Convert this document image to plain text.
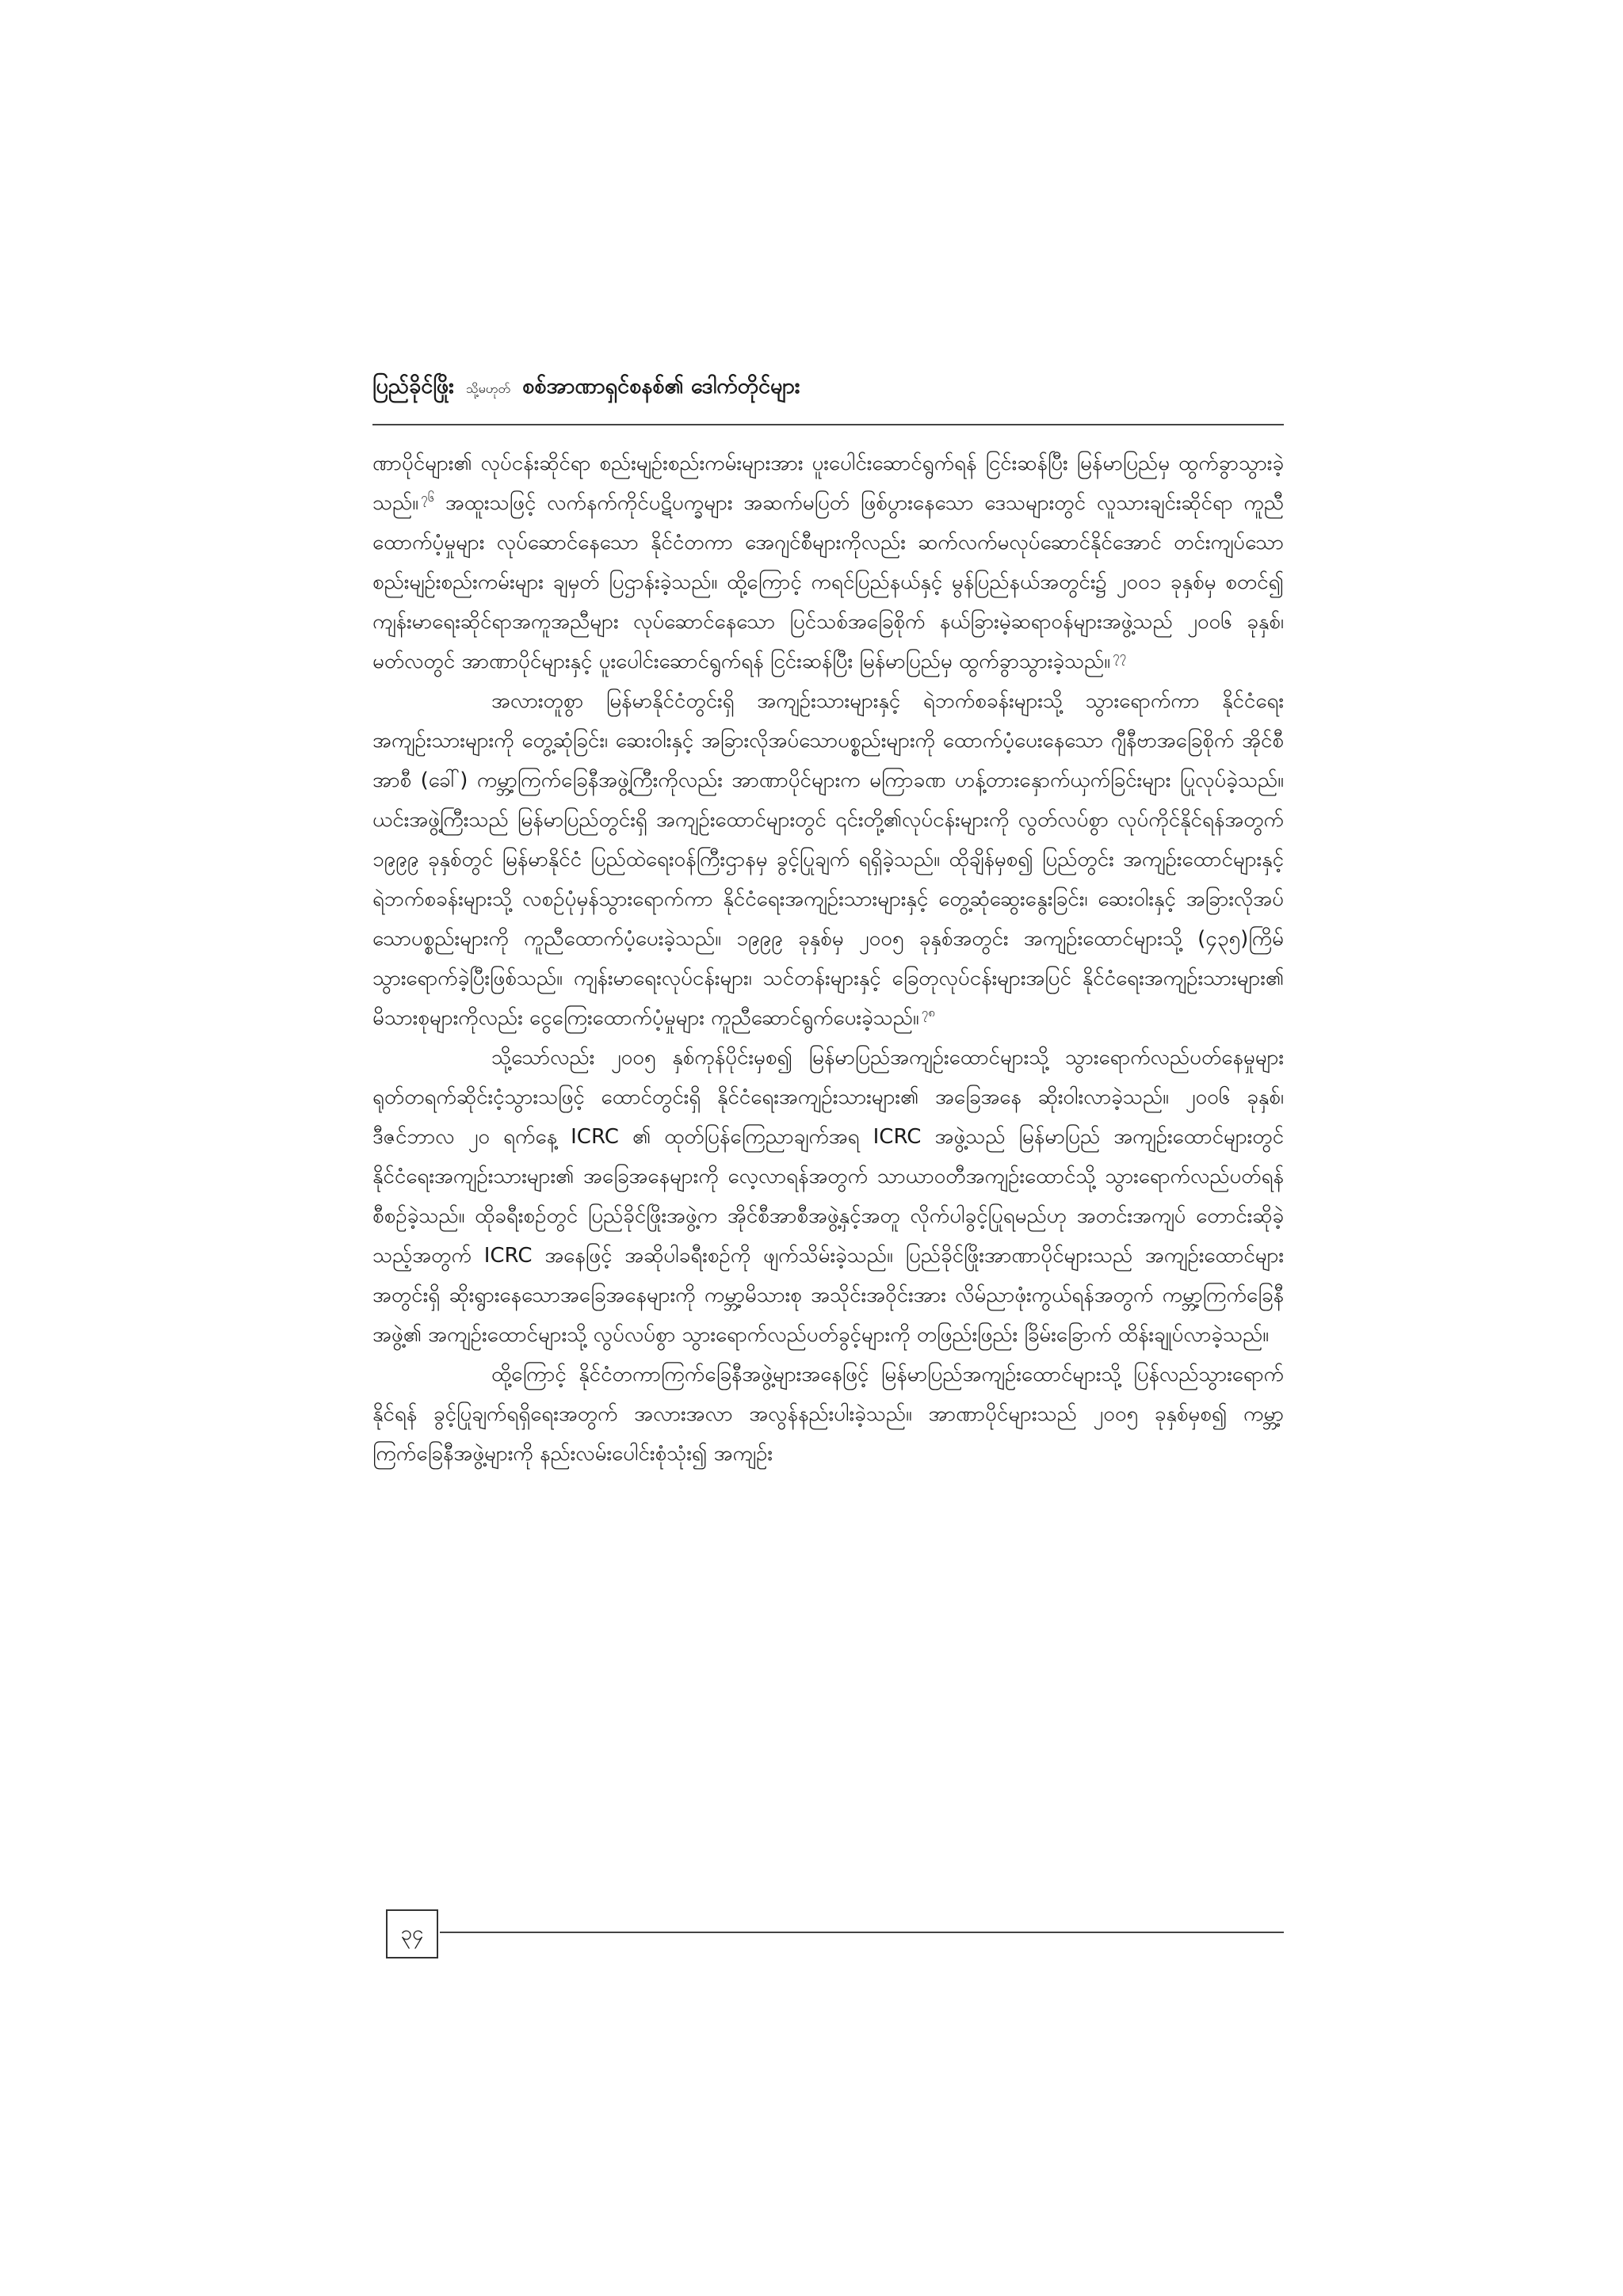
ပြည်ခိုင်ဖြိုး သို့မဟုတ် စစ်အာဏာရှင်စနစ်၏ ဒေါက်တိုင်များ

ဏာပိုင်များ၏ လုပ်ငန်းဆိုင်ရာ စည်းမျဉ်းစည်းကမ်းများအား ပူးပေါင်းဆောင်ရွက်ရန် ငြင်းဆန်ပြီး မြန်မာပြည်မှ ထွက်ခွာသွားခဲ့သည်။ $^{၇၆}$ အထူးသဖြင့် လက်နက်ကိုင်ပဋိပက္ခများ အဆက်မပြတ် ဖြစ်ပွားနေသော ဒေသများတွင် လူသားချင်းဆိုင်ရာ ကူညီထောက်ပံ့မှုများ လုပ်ဆောင်နေသော နိုင်ငံတကာ အေဂျင်စီများကိုလည်း ဆက်လက်မလုပ်ဆောင်နိုင်အောင် တင်းကျပ်သော စည်းမျဉ်းစည်းကမ်းများ ချမှတ် ပြဌာန်းခဲ့သည်။ ထို့ကြောင့် ကရင်ပြည်နယ်နှင့် မွန်ပြည်နယ်အတွင်း၌ ၂၀၀၁ ခုနှစ်မှ စတင်၍ ကျန်းမာရေးဆိုင်ရာအကူအညီများ လုပ်ဆောင်နေသော ပြင်သစ်အခြေစိုက် နယ်ခြားမဲ့ဆရာဝန်များအဖွဲ့သည် ၂၀၀၆ ခုနှစ်၊ မတ်လတွင် အာဏာပိုင်များနှင့် ပူးပေါင်းဆောင်ရွက်ရန် ငြင်းဆန်ပြီး မြန်မာပြည်မှ ထွက်ခွာသွားခဲ့သည်။ $^{၇၇}$

အလားတူစွာ မြန်မာနိုင်ငံတွင်းရှိ အကျဉ်းသားများနှင့် ရဲဘက်စခန်းများသို့ သွားရောက်ကာ နိုင်ငံရေးအကျဉ်းသားများကို တွေ့ဆုံခြင်း၊ ဆေးဝါးနှင့် အခြားလိုအပ်သောပစ္စည်းများကို ထောက်ပံ့ပေးနေသော ဂျီနီဗာအခြေစိုက် အိုင်စီအာစီ (ခေါ်) ကမ္ဘာ့ကြက်ခြေနီအဖွဲ့ကြီးကိုလည်း အာဏာပိုင်များက မကြာခဏ ဟန့်တားနှောက်ယှက်ခြင်းများ ပြုလုပ်ခဲ့သည်။ ယင်းအဖွဲ့ကြီးသည် မြန်မာပြည်တွင်းရှိ အကျဉ်းထောင်များတွင် ၎င်းတို့၏လုပ်ငန်းများကို လွတ်လပ်စွာ လုပ်ကိုင်နိုင်ရန်အတွက် ၁၉၉၉ ခုနှစ်တွင် မြန်မာနိုင်ငံ ပြည်ထဲရေးဝန်ကြီးဌာနမှ ခွင့်ပြုချက် ရရှိခဲ့သည်။ ထိုချိန်မှစ၍ ပြည်တွင်း အကျဉ်းထောင်များနှင့် ရဲဘက်စခန်းများသို့ လစဉ်ပုံမှန်သွားရောက်ကာ နိုင်ငံရေးအကျဉ်းသားများနှင့် တွေ့ဆုံဆွေးနွေးခြင်း၊ ဆေးဝါးနှင့် အခြားလိုအပ်သောပစ္စည်းများကို ကူညီထောက်ပံ့ပေးခဲ့သည်။ ၁၉၉၉ ခုနှစ်မှ ၂၀၀၅ ခုနှစ်အတွင်း အကျဉ်းထောင်များသို့ (၄၃၅)ကြိမ် သွားရောက်ခဲ့ပြီးဖြစ်သည်။ ကျန်းမာရေးလုပ်ငန်းများ၊ သင်တန်းများနှင့် ခြေတုလုပ်ငန်းများအပြင် နိုင်ငံရေးအကျဉ်းသားများ၏ မိသားစုများကိုလည်း ငွေကြေးထောက်ပံ့မှုများ ကူညီဆောင်ရွက်ပေးခဲ့သည်။ $^{၇၈}$

သို့သော်လည်း ၂၀၀၅ နှစ်ကုန်ပိုင်းမှစ၍ မြန်မာပြည်အကျဉ်းထောင်များသို့ သွားရောက်လည်ပတ်နေမှုများ ရုတ်တရက်ဆိုင်းငံ့သွားသဖြင့် ထောင်တွင်းရှိ နိုင်ငံရေးအကျဉ်းသားများ၏ အခြေအနေ ဆိုးဝါးလာခဲ့သည်။ ၂၀၀၆ ခုနှစ်၊ ဒီဇင်ဘာလ ၂၀ ရက်နေ့ ICRC ၏ ထုတ်ပြန်ကြေညာချက်အရ ICRC အဖွဲ့သည် မြန်မာပြည် အကျဉ်းထောင်များတွင် နိုင်ငံရေးအကျဉ်းသားများ၏ အခြေအနေများကို လေ့လာရန်အတွက် သာယာဝတီအကျဉ်းထောင်သို့ သွားရောက်လည်ပတ်ရန် စီစဉ်ခဲ့သည်။ ထိုခရီးစဉ်တွင် ပြည်ခိုင်ဖြိုးအဖွဲ့က အိုင်စီအာစီအဖွဲ့နှင့်အတူ လိုက်ပါခွင့်ပြုရမည်ဟု အတင်းအကျပ် တောင်းဆိုခဲ့သည့်အတွက် ICRC အနေဖြင့် အဆိုပါခရီးစဉ်ကို ဖျက်သိမ်းခဲ့သည်။ ပြည်ခိုင်ဖြိုးအာဏာပိုင်များသည် အကျဉ်းထောင်များအတွင်းရှိ ဆိုးရွားနေသောအခြေအနေများကို ကမ္ဘာ့မိသားစု အသိုင်းအဝိုင်းအား လိမ်ညာဖုံးကွယ်ရန်အတွက် ကမ္ဘာ့ကြက်ခြေနီအဖွဲ့၏ အကျဉ်းထောင်များသို့ လွပ်လပ်စွာ သွားရောက်လည်ပတ်ခွင့်များကို တဖြည်းဖြည်း ခြိမ်းခြောက် ထိန်းချုပ်လာခဲ့သည်။

ထို့ကြောင့် နိုင်ငံတကာကြက်ခြေနီအဖွဲ့များအနေဖြင့် မြန်မာပြည်အကျဉ်းထောင်များသို့ ပြန်လည်သွားရောက်နိုင်ရန် ခွင့်ပြုချက်ရရှိရေးအတွက် အလားအလာ အလွန်နည်းပါးခဲ့သည်။ အာဏာပိုင်များသည် ၂၀၀၅ ခုနှစ်မှစ၍ ကမ္ဘာ့ကြက်ခြေနီအဖွဲ့များကို နည်းလမ်းပေါင်းစုံသုံး၍ အကျဉ်း

၃၄
